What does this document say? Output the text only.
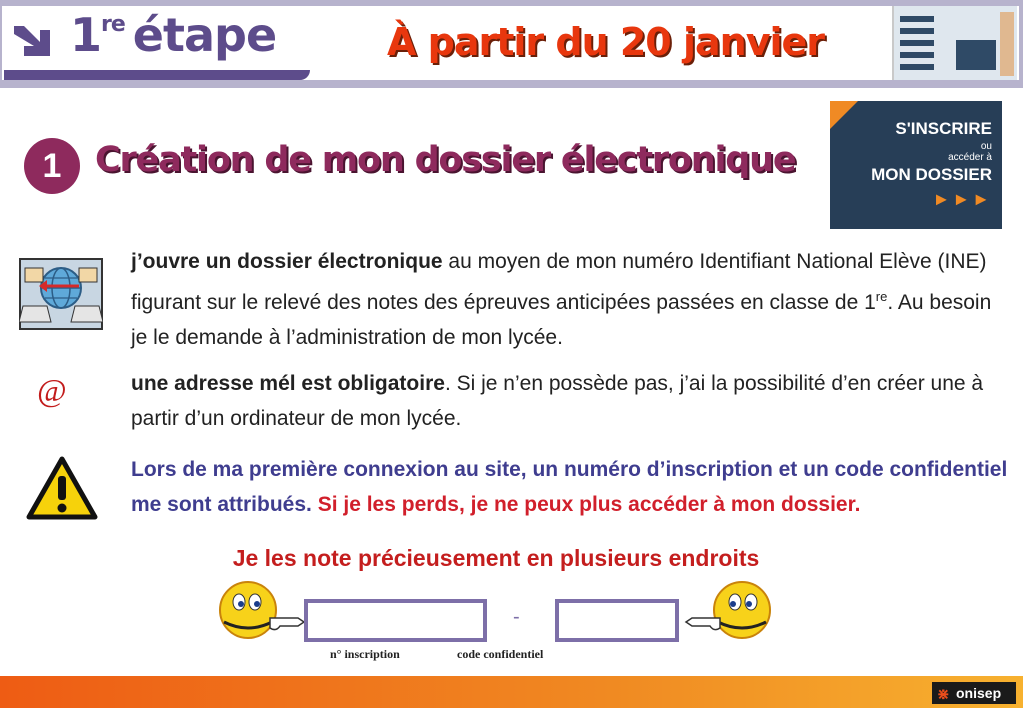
1re étape	À partir du 20 janvier
1 Création de mon dossier électronique
S'INSCRIRE
ou
accéder à
MON DOSSIER
►►►
j’ouvre un dossier électronique au moyen de mon numéro Identifiant National Elève (INE) figurant sur le relevé des notes des épreuves anticipées passées en classe de 1re. Au besoin je le demande à l’administration de mon lycée.
@	une adresse mél est obligatoire. Si je n’en possède pas, j’ai la possibilité d’en créer une à partir d’un ordinateur de mon lycée.
Lors de ma première connexion au site, un numéro d’inscription et un code confidentiel me sont attribués. Si je les perds, je ne peux plus accéder à mon dossier.
Je les note précieusement en plusieurs endroits
-
n° inscription	code confidentiel
⋇ onisep
